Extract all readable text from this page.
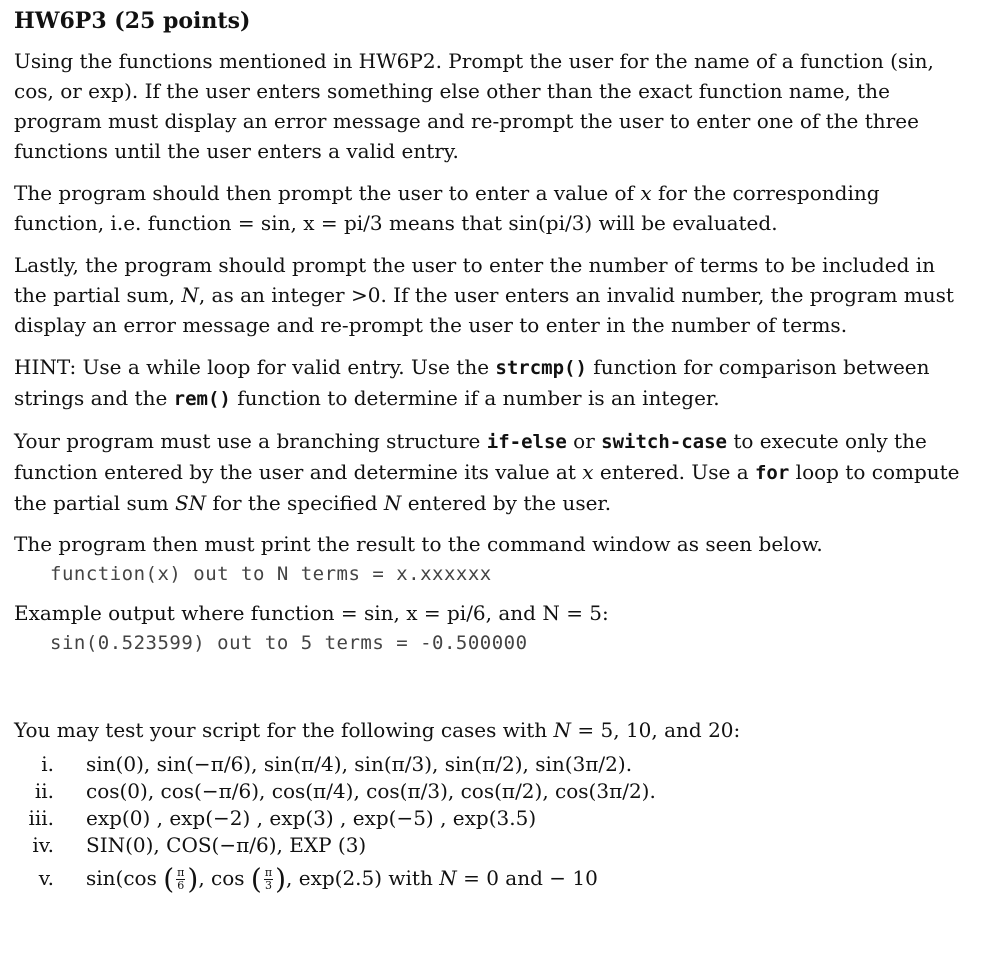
HW6P3 (25 points)
Using the functions mentioned in HW6P2. Prompt the user for the name of a function (sin, cos, or exp). If the user enters something else other than the exact function name, the program must display an error message and re-prompt the user to enter one of the three functions until the user enters a valid entry.
The program should then prompt the user to enter a value of x for the corresponding function, i.e. function = sin, x = pi/3 means that sin(pi/3) will be evaluated.
Lastly, the program should prompt the user to enter the number of terms to be included in the partial sum, N, as an integer >0. If the user enters an invalid number, the program must display an error message and re-prompt the user to enter in the number of terms.
HINT: Use a while loop for valid entry. Use the strcmp() function for comparison between strings and the rem() function to determine if a number is an integer.
Your program must use a branching structure if-else or switch-case to execute only the function entered by the user and determine its value at x entered. Use a for loop to compute the partial sum SN for the specified N entered by the user.
The program then must print the result to the command window as seen below.
function(x) out to N terms = x.xxxxxx
Example output where function = sin, x = pi/6, and N = 5:
sin(0.523599) out to 5 terms = -0.500000
You may test your script for the following cases with N = 5, 10, and 20:
i. sin(0), sin(−π/6), sin(π/4), sin(π/3), sin(π/2), sin(3π/2).
ii. cos(0), cos(−π/6), cos(π/4), cos(π/3), cos(π/2), cos(3π/2).
iii. exp(0) , exp(−2) , exp(3) , exp(−5) , exp(3.5)
iv. SIN(0), COS(−π/6), EXP (3)
v. sin(cos ( $\frac{\pi}{6}$ ), cos ( $\frac{\pi}{3}$ ), exp(2.5) with N = 0 and − 10
